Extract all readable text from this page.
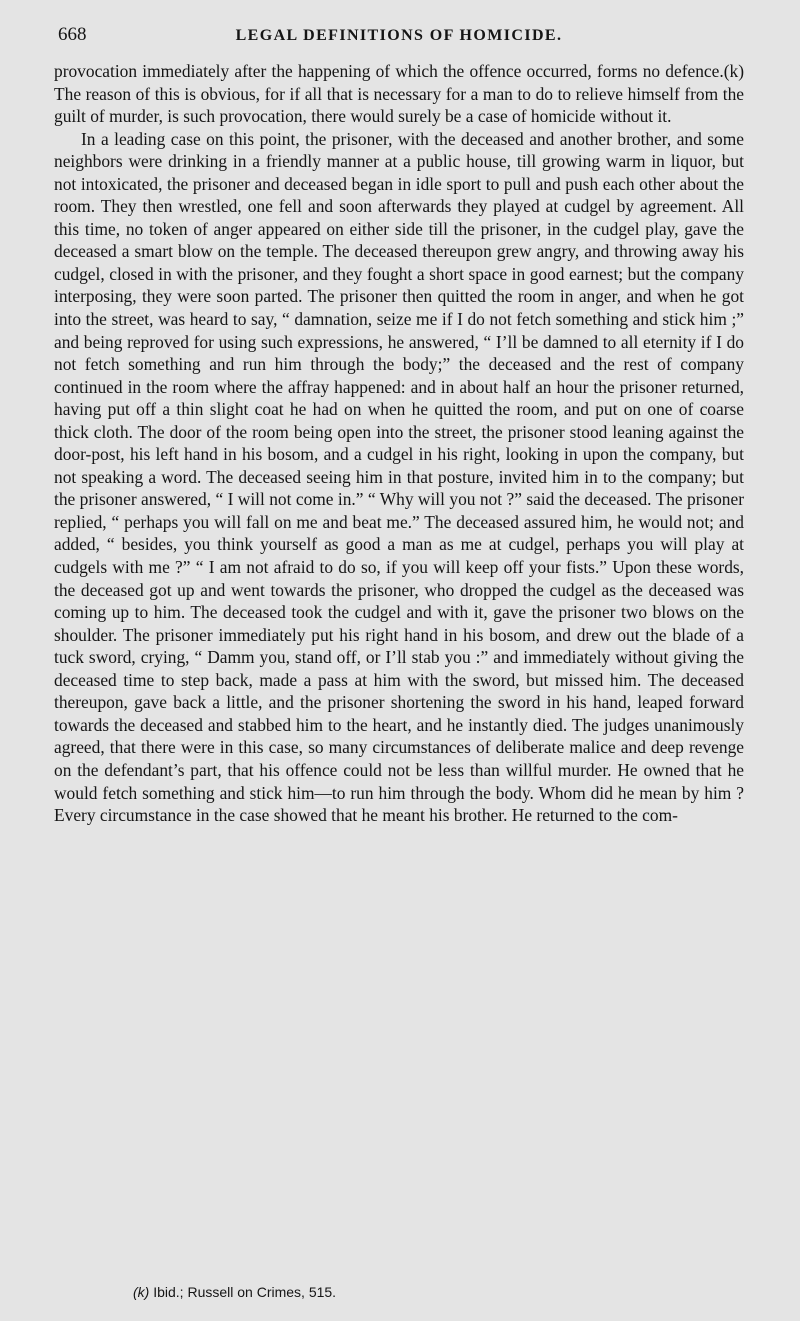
668	LEGAL DEFINITIONS OF HOMICIDE.

provocation immediately after the happening of which the offence occurred, forms no defence.(k) The reason of this is obvious, for if all that is necessary for a man to do to relieve himself from the guilt of murder, is such provocation, there would surely be a case of homicide without it.

In a leading case on this point, the prisoner, with the deceased and another brother, and some neighbors were drinking in a friendly manner at a public house, till growing warm in liquor, but not intoxicated, the prisoner and deceased began in idle sport to pull and push each other about the room. They then wrestled, one fell and soon afterwards they played at cudgel by agreement. All this time, no token of anger appeared on either side till the prisoner, in the cudgel play, gave the deceased a smart blow on the temple. The deceased thereupon grew angry, and throwing away his cudgel, closed in with the prisoner, and they fought a short space in good earnest; but the company interposing, they were soon parted. The prisoner then quitted the room in anger, and when he got into the street, was heard to say, “ damnation, seize me if I do not fetch something and stick him ;” and being reproved for using such expressions, he answered, “ I’ll be damned to all eternity if I do not fetch something and run him through the body;” the deceased and the rest of company continued in the room where the affray happened: and in about half an hour the prisoner returned, having put off a thin slight coat he had on when he quitted the room, and put on one of coarse thick cloth. The door of the room being open into the street, the prisoner stood leaning against the door-post, his left hand in his bosom, and a cudgel in his right, looking in upon the company, but not speaking a word. The deceased seeing him in that posture, invited him in to the company; but the prisoner answered, “ I will not come in.” “ Why will you not ?” said the deceased. The prisoner replied, “ perhaps you will fall on me and beat me.” The deceased assured him, he would not; and added, “ besides, you think yourself as good a man as me at cudgel, perhaps you will play at cudgels with me ?” “ I am not afraid to do so, if you will keep off your fists.” Upon these words, the deceased got up and went towards the prisoner, who dropped the cudgel as the deceased was coming up to him. The deceased took the cudgel and with it, gave the prisoner two blows on the shoulder. The prisoner immediately put his right hand in his bosom, and drew out the blade of a tuck sword, crying, “ Damm you, stand off, or I’ll stab you :” and immediately without giving the deceased time to step back, made a pass at him with the sword, but missed him. The deceased thereupon, gave back a little, and the prisoner shortening the sword in his hand, leaped forward towards the deceased and stabbed him to the heart, and he instantly died. The judges unanimously agreed, that there were in this case, so many circumstances of deliberate malice and deep revenge on the defendant’s part, that his offence could not be less than willful murder. He owned that he would fetch something and stick him—to run him through the body. Whom did he mean by him ? Every circumstance in the case showed that he meant his brother. He returned to the com-

(k) Ibid.; Russell on Crimes, 515.
